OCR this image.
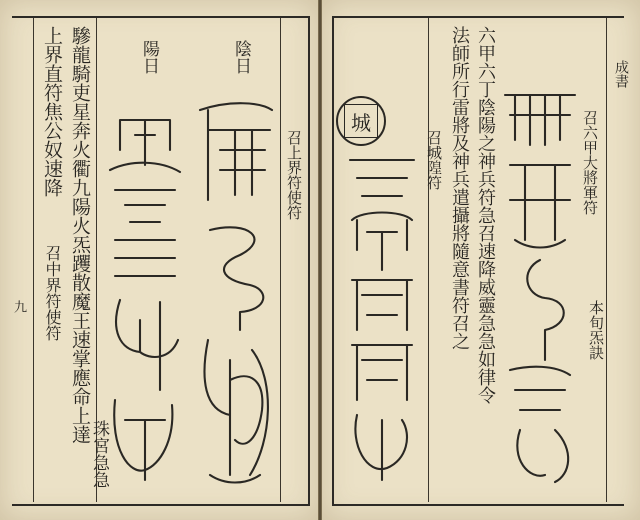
九 驂龍騎吏星奔火衢九陽火炁躩散魔王速掌應命上達
上界直符焦公奴速降
召中界符使符
珠宮急急
陽日	陰日
召上界符使符
成書
六甲六丁陰陽之神兵符急召速降威靈急急如律令
法師所行雷將及神兵遣攝將隨意書符召之
召城隍符	召六甲大將軍符
本旬炁訣
城
